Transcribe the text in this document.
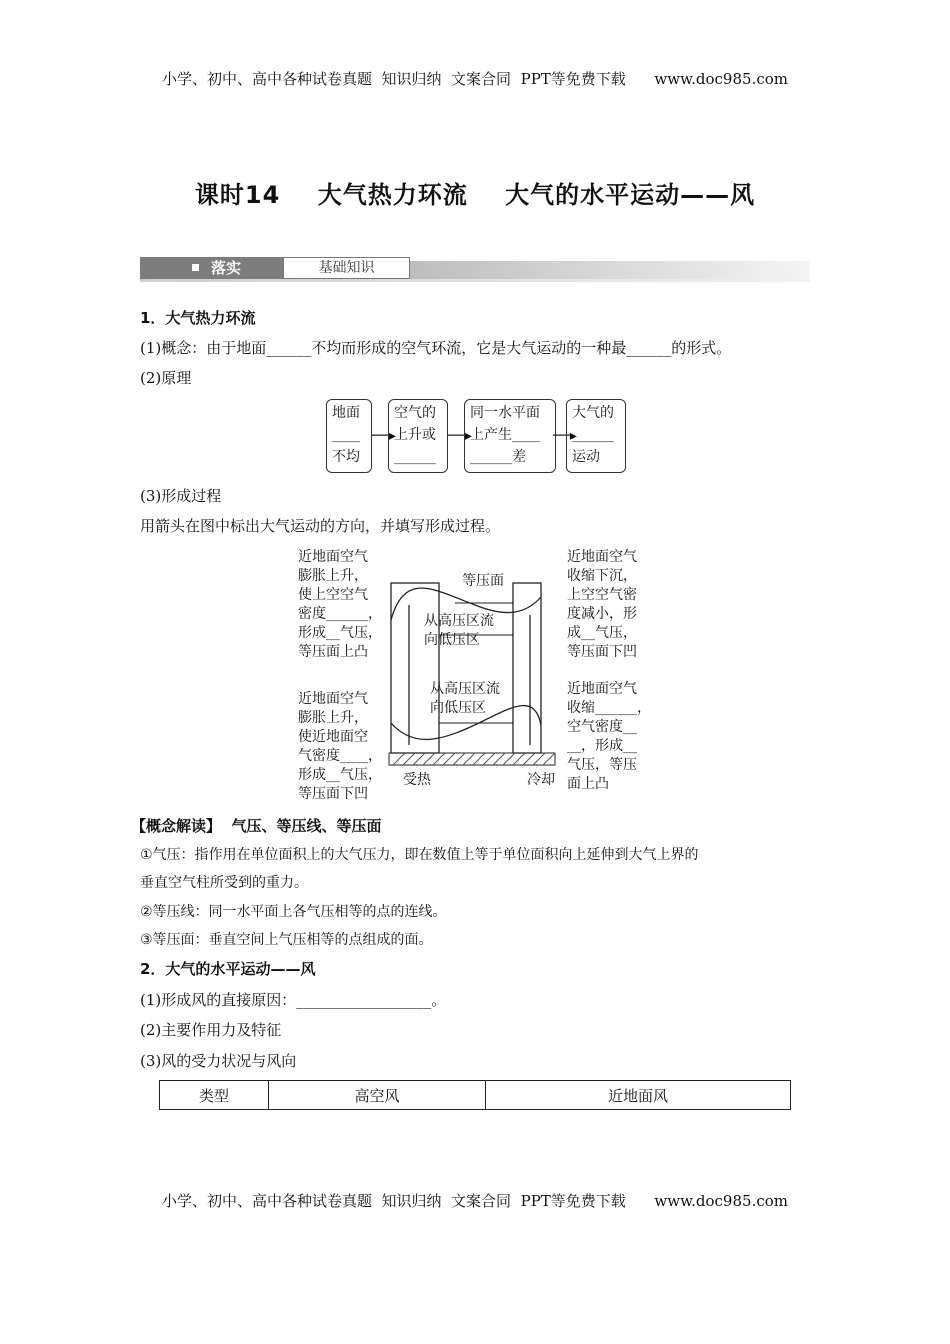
小学、初中、高中各种试卷真题  知识归纳  文案合同  PPT等免费下载      www.doc985.com
课时14    大气热力环流    大气的水平运动——风
落实	基础知识
1．大气热力环流
(1)概念：由于地面______不均而形成的空气环流，它是大气运动的一种最______的形式。
(2)原理
地面
____
不均
──▸
空气的
上升或
______
──▸
同一水平面
上产生____
______差
──▸
大气的
______
运动
(3)形成过程
用箭头在图中标出大气运动的方向，并填写形成过程。
近地面空气
膨胀上升，
使上空空气
密度______，
形成__气压，
等压面上凸
近地面空气
收缩下沉，
上空空气密
度减小，形
成__气压，
等压面下凹
近地面空气
膨胀上升，
使近地面空
气密度____，
形成__气压，
等压面下凹
近地面空气
收缩______，
空气密度__
__，形成__
气压，等压
面上凸
等压面
从高压区流
向低压区
从高压区流
向低压区
受热	冷却
【概念解读】  气压、等压线、等压面
①气压：指作用在单位面积上的大气压力，即在数值上等于单位面积向上延伸到大气上界的
垂直空气柱所受到的重力。
②等压线：同一水平面上各气压相等的点的连线。
③等压面：垂直空间上气压相等的点组成的面。
2．大气的水平运动——风
(1)形成风的直接原因：__________________。
(2)主要作用力及特征
(3)风的受力状况与风向
类型	高空风	近地面风
小学、初中、高中各种试卷真题  知识归纳  文案合同  PPT等免费下载      www.doc985.com
